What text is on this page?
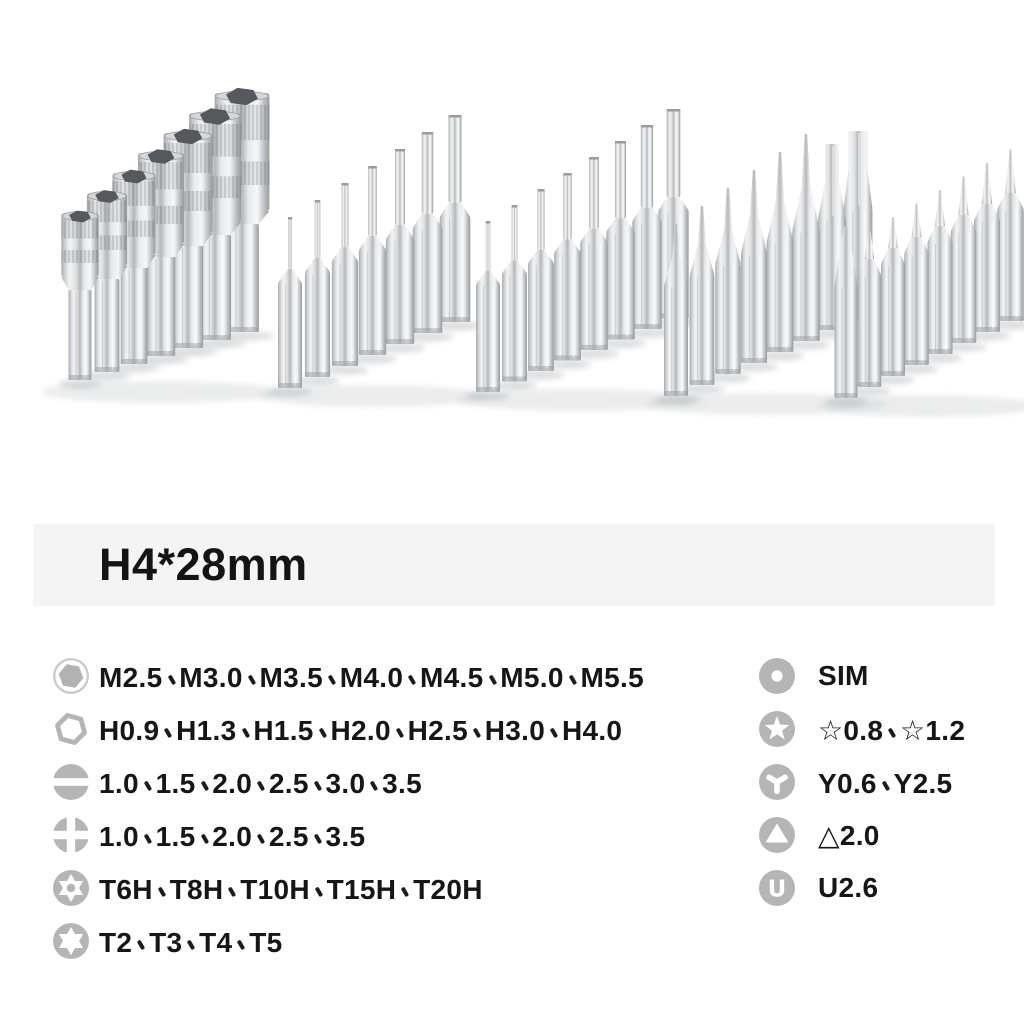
H4*28mm
M2.5 M3.0 M3.5 M4.0 M4.5 M5.0 M5.5
H0.9 H1.3 H1.5 H2.0 H2.5 H3.0 H4.0
1.0 1.5 2.0 2.5 3.0 3.5
1.0 1.5 2.0 2.5 3.5
T6H T8H T10H T15H T20H
T2 T3 T4 T5
SIM
☆0.8 ☆1.2
Y0.6 Y2.5
△2.0
U U2.6
